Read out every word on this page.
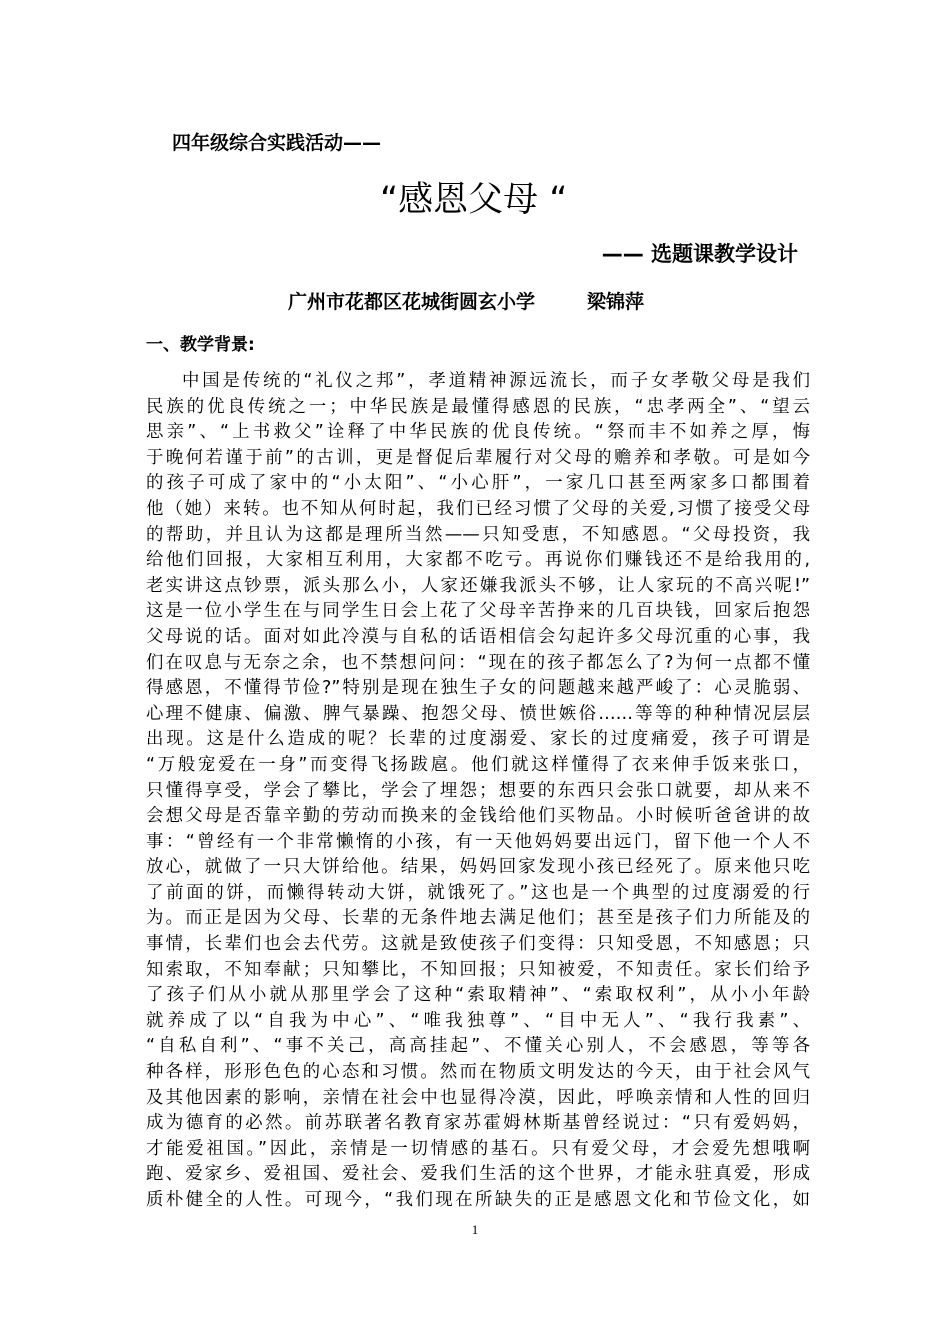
四年级综合实践活动——
“感恩父母 “
—— 选题课教学设计
广州市花都区花城街圆玄小学	梁锦萍
一、教学背景:
中国是传统的“礼仪之邦”，孝道精神源远流长，而子女孝敬父母是我们
民族的优良传统之一；中华民族是最懂得感恩的民族，“忠孝两全”、“望云
思亲”、“上书救父”诠释了中华民族的优良传统。“祭而丰不如养之厚，悔
于晚何若谨于前”的古训，更是督促后辈履行对父母的赡养和孝敬。可是如今
的孩子可成了家中的“小太阳”、“小心肝”，一家几口甚至两家多口都围着
他（她）来转。也不知从何时起，我们已经习惯了父母的关爱,习惯了接受父母
的帮助，并且认为这都是理所当然——只知受恵，不知感恩。“父母投资，我
给他们回报，大家相互利用，大家都不吃亏。再说你们赚钱还不是给我用的,
老实讲这点钞票，派头那么小，人家还嫌我派头不够，让人家玩的不高兴呢!”
这是一位小学生在与同学生日会上花了父母辛苦挣来的几百块钱，回家后抱怨
父母说的话。面对如此冷漠与自私的话语相信会勾起许多父母沉重的心事，我
们在叹息与无奈之余，也不禁想问问：“现在的孩子都怎么了?为何一点都不懂
得感恩，不懂得节俭?”特别是现在独生子女的问题越来越严峻了：心灵脆弱、
心理不健康、偏激、脾气暴躁、抱怨父母、愤世嫉俗……等等的种种情况层层
出现。这是什么造成的呢？长辈的过度溺爱、家长的过度痛爱，孩子可谓是
“万般宠爱在一身”而变得飞扬跋扈。他们就这样懂得了衣来伸手饭来张口，
只懂得享受，学会了攀比，学会了埋怨；想要的东西只会张口就要，却从来不
会想父母是否靠辛勤的劳动而换来的金钱给他们买物品。小时候听爸爸讲的故
事：“曾经有一个非常懒惰的小孩，有一天他妈妈要出远门，留下他一个人不
放心，就做了一只大饼给他。结果，妈妈回家发现小孩已经死了。原来他只吃
了前面的饼，而懒得转动大饼，就饿死了。”这也是一个典型的过度溺爱的行
为。而正是因为父母、长辈的无条件地去满足他们；甚至是孩子们力所能及的
事情，长辈们也会去代劳。这就是致使孩子们变得：只知受恩，不知感恩；只
知索取，不知奉献；只知攀比，不知回报；只知被爱，不知责任。家长们给予
了孩子们从小就从那里学会了这种“索取精神”、“索取权利”，从小小年龄
就养成了以“自我为中心”、“唯我独尊”、“目中无人”、“我行我素”、
“自私自利”、“事不关己，高高挂起”、不懂关心别人，不会感恩，等等各
种各样，形形色色的心态和习惯。然而在物质文明发达的今天，由于社会风气
及其他因素的影响，亲情在社会中也显得冷漠，因此，呼唤亲情和人性的回归
成为德育的必然。前苏联著名教育家苏霍姆林斯基曾经说过：“只有爱妈妈，
才能爱祖国。”因此，亲情是一切情感的基石。只有爱父母，才会爱先想哦啊
跑、爱家乡、爱祖国、爱社会、爱我们生活的这个世界，才能永驻真爱，形成
质朴健全的人性。可现今，“我们现在所缺失的正是感恩文化和节俭文化，如
1
